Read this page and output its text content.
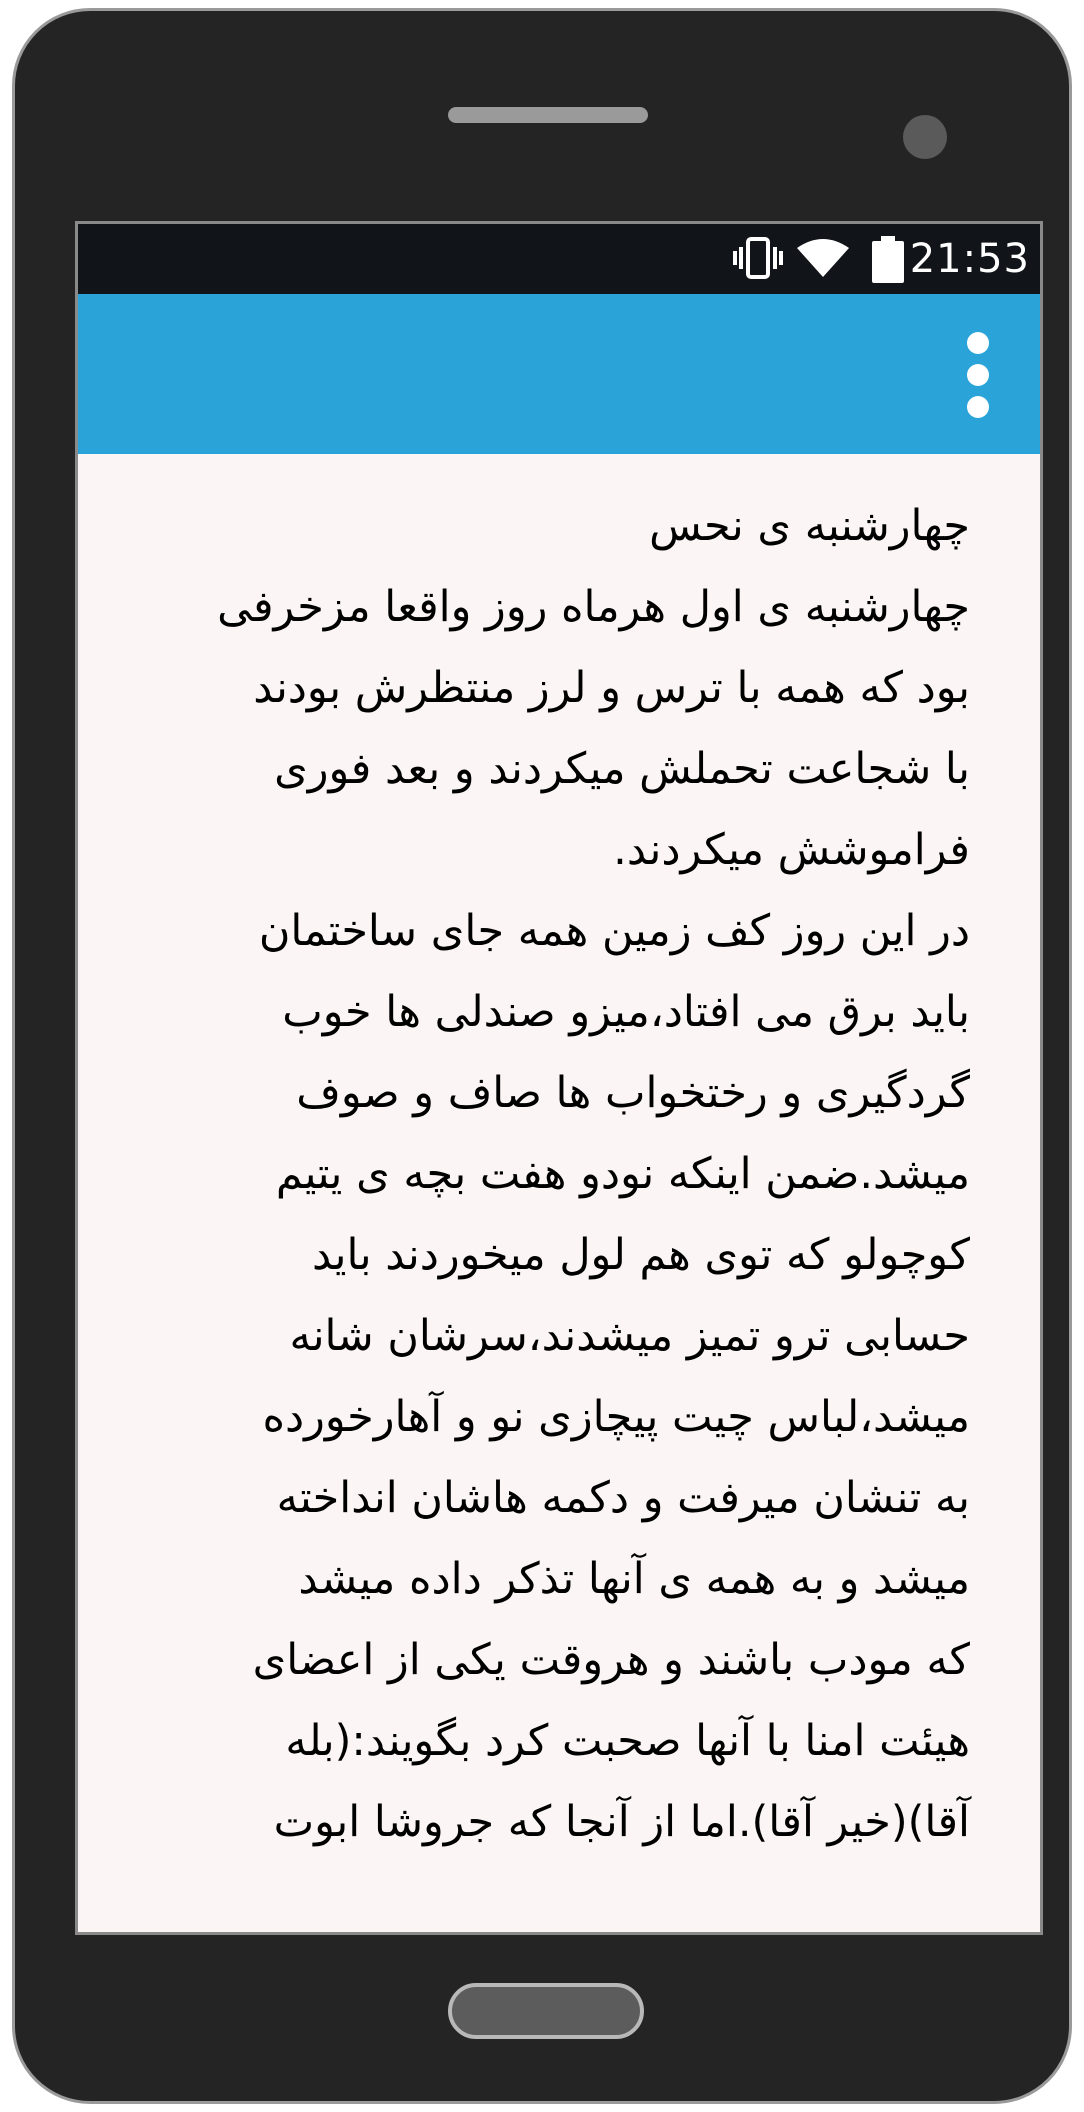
21:53

چهارشنبه ی نحس

چهارشنبه ی اول هرماه روز واقعا مزخرفی

بود که همه با ترس و لرز منتظرش بودند

با شجاعت تحملش میکردند و بعد فوری

فراموشش میکردند.

در این روز کف زمین همه جای ساختمان

باید برق می افتاد،میزو صندلی ها خوب

گردگیری و رختخواب ها صاف و صوف

میشد.ضمن اینکه نودو هفت بچه ی یتیم

کوچولو که توی هم لول میخوردند باید

حسابی ترو تمیز میشدند،سرشان شانه

میشد،لباس چیت پیچازی نو و آهارخورده

به تنشان میرفت و دکمه هاشان انداخته

میشد و به همه ی آنها تذکر داده میشد

که مودب باشند و هروقت یکی از اعضای

هیئت امنا با آنها صحبت کرد بگویند:(بله

آقا)(خیر آقا).اما از آنجا که جروشا ابوت
